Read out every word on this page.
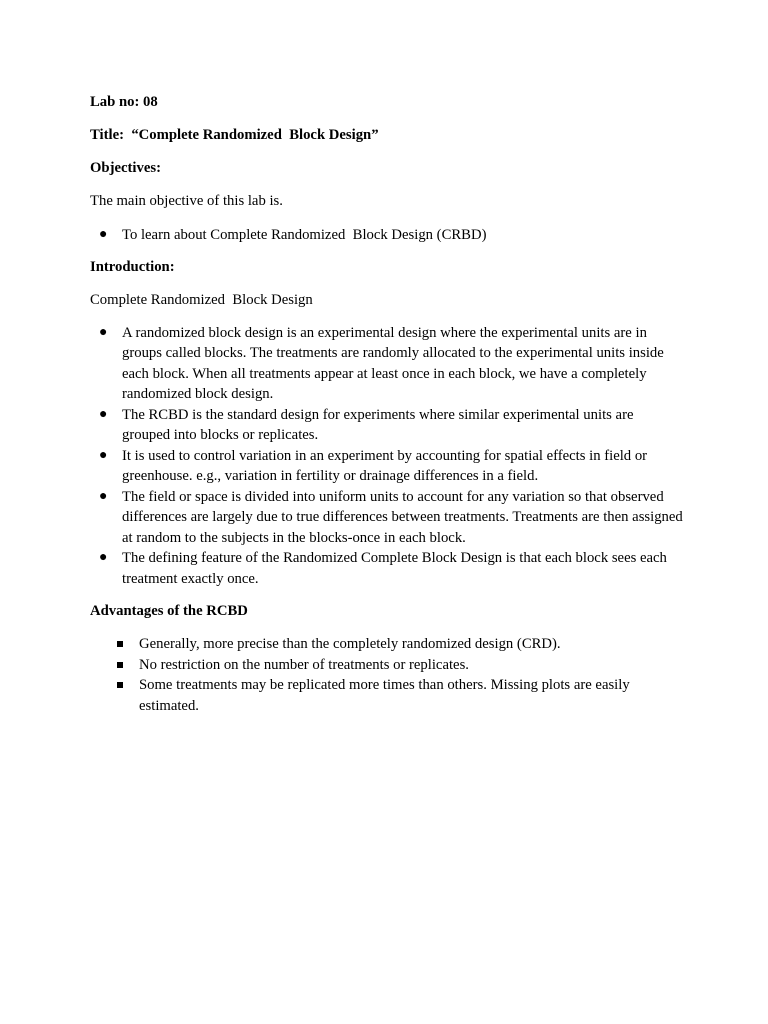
Lab no: 08

Title:  “Complete Randomized  Block Design”

Objectives:

The main objective of this lab is.

● To learn about Complete Randomized  Block Design (CRBD)

Introduction:

Complete Randomized  Block Design

● A randomized block design is an experimental design where the experimental units are in groups called blocks. The treatments are randomly allocated to the experimental units inside each block. When all treatments appear at least once in each block, we have a completely randomized block design.
● The RCBD is the standard design for experiments where similar experimental units are grouped into blocks or replicates.
● It is used to control variation in an experiment by accounting for spatial effects in field or greenhouse. e.g., variation in fertility or drainage differences in a field.
● The field or space is divided into uniform units to account for any variation so that observed differences are largely due to true differences between treatments. Treatments are then assigned at random to the subjects in the blocks-once in each block.
● The defining feature of the Randomized Complete Block Design is that each block sees each treatment exactly once.

Advantages of the RCBD

Generally, more precise than the completely randomized design (CRD).
No restriction on the number of treatments or replicates.
Some treatments may be replicated more times than others. Missing plots are easily estimated.
